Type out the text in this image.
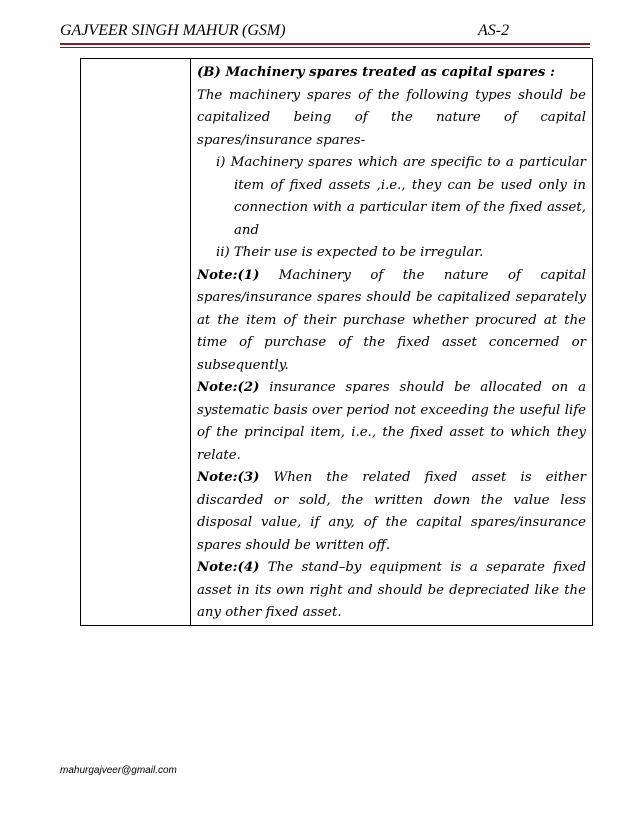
GAJVEER SINGH MAHUR (GSM)	AS-2

(B) Machinery spares treated as capital spares :

The machinery spares of the following types should be capitalized being of the nature of capital spares/insurance spares-

i) Machinery spares which are specific to a particular item of fixed assets ,i.e., they can be used only in connection with a particular item of the fixed asset, and

ii) Their use is expected to be irregular.

Note:(1) Machinery of the nature of capital spares/insurance spares should be capitalized separately at the item of their purchase whether procured at the time of purchase of the fixed asset concerned or subsequently.

Note:(2) insurance spares should be allocated on a systematic basis over period not exceeding the useful life of the principal item, i.e., the fixed asset to which they relate.

Note:(3) When the related fixed asset is either discarded or sold, the written down the value less disposal value, if any, of the capital spares/insurance spares should be written off.

Note:(4) The stand–by equipment is a separate fixed asset in its own right and should be depreciated like the any other fixed asset.

mahurgajveer@gmail.com
